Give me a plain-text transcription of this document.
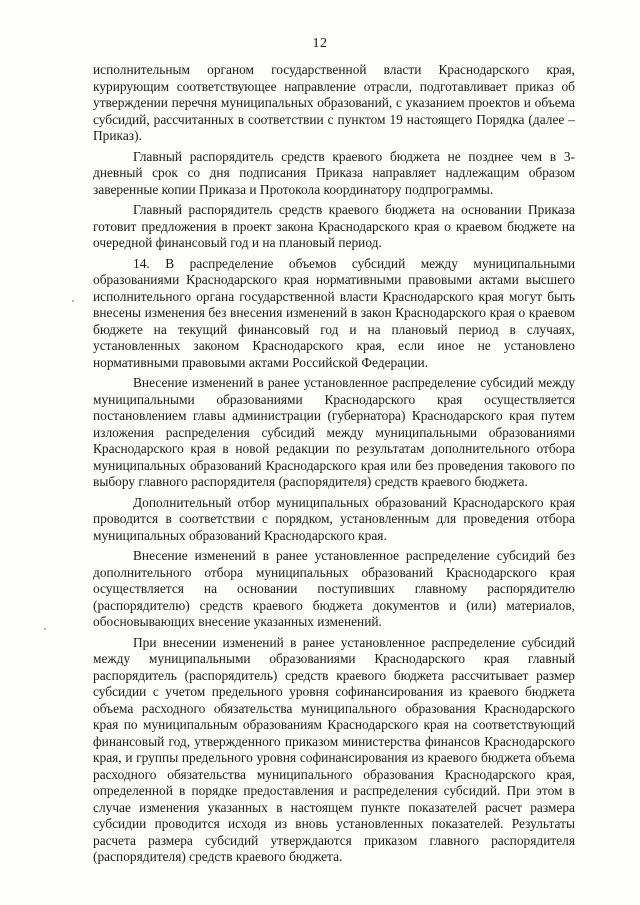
12

исполнительным органом государственной власти Краснодарского края, курирующим соответствующее направление отрасли, подготавливает приказ об утверждении перечня муниципальных образований, с указанием проектов и объема субсидий, рассчитанных в соответствии с пунктом 19 настоящего Порядка (далее – Приказ).

Главный распорядитель средств краевого бюджета не позднее чем в 3-дневный срок со дня подписания Приказа направляет надлежащим образом заверенные копии Приказа и Протокола координатору подпрограммы.

Главный распорядитель средств краевого бюджета на основании Приказа готовит предложения в проект закона Краснодарского края о краевом бюджете на очередной финансовый год и на плановый период.

14. В распределение объемов субсидий между муниципальными образованиями Краснодарского края нормативными правовыми актами высшего исполнительного органа государственной власти Краснодарского края могут быть внесены изменения без внесения изменений в закон Краснодарского края о краевом бюджете на текущий финансовый год и на плановый период в случаях, установленных законом Краснодарского края, если иное не установлено нормативными правовыми актами Российской Федерации.

Внесение изменений в ранее установленное распределение субсидий между муниципальными образованиями Краснодарского края осуществляется постановлением главы администрации (губернатора) Краснодарского края путем изложения распределения субсидий между муниципальными образованиями Краснодарского края в новой редакции по результатам дополнительного отбора муниципальных образований Краснодарского края или без проведения такового по выбору главного распорядителя (распорядителя) средств краевого бюджета.

Дополнительный отбор муниципальных образований Краснодарского края проводится в соответствии с порядком, установленным для проведения отбора муниципальных образований Краснодарского края.

Внесение изменений в ранее установленное распределение субсидий без дополнительного отбора муниципальных образований Краснодарского края осуществляется на основании поступивших главному распорядителю (распорядителю) средств краевого бюджета документов и (или) материалов, обосновывающих внесение указанных изменений.

При внесении изменений в ранее установленное распределение субсидий между муниципальными образованиями Краснодарского края главный распорядитель (распорядитель) средств краевого бюджета рассчитывает размер субсидии с учетом предельного уровня софинансирования из краевого бюджета объема расходного обязательства муниципального образования Краснодарского края по муниципальным образованиям Краснодарского края на соответствующий финансовый год, утвержденного приказом министерства финансов Краснодарского края, и группы предельного уровня софинансирования из краевого бюджета объема расходного обязательства муниципального образования Краснодарского края, определенной в порядке предоставления и распределения субсидий. При этом в случае изменения указанных в настоящем пункте показателей расчет размера субсидии проводится исходя из вновь установленных показателей. Результаты расчета размера субсидий утверждаются приказом главного распорядителя (распорядителя) средств краевого бюджета.
